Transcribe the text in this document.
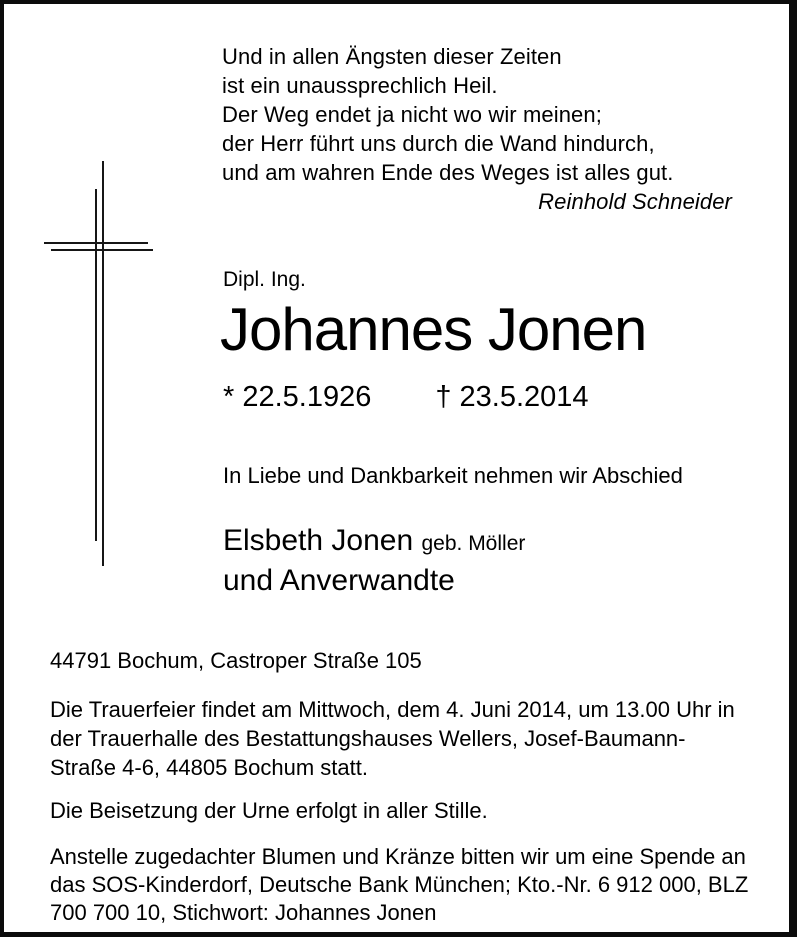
Und in allen Ängsten dieser Zeiten
ist ein unaussprechlich Heil.
Der Weg endet ja nicht wo wir meinen;
der Herr führt uns durch die Wand hindurch,
und am wahren Ende des Weges ist alles gut.
Reinhold Schneider
Dipl. Ing.
Johannes Jonen
* 22.5.1926 † 23.5.2014
In Liebe und Dankbarkeit nehmen wir Abschied
Elsbeth Jonen geb. Möller
und Anverwandte
44791 Bochum, Castroper Straße 105

Die Trauerfeier findet am Mittwoch, dem 4. Juni 2014, um 13.00 Uhr in der Trauerhalle des Bestattungshauses Wellers, Josef-Baumann-Straße 4-6, 44805 Bochum statt.

Die Beisetzung der Urne erfolgt in aller Stille.

Anstelle zugedachter Blumen und Kränze bitten wir um eine Spende an das SOS-Kinderdorf, Deutsche Bank München; Kto.-Nr. 6 912 000, BLZ 700 700 10, Stichwort: Johannes Jonen
